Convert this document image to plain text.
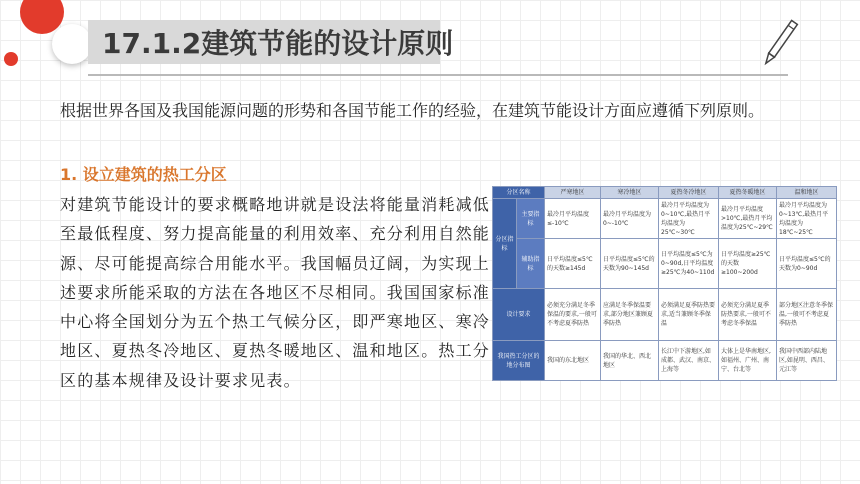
17.1.2建筑节能的设计原则
根据世界各国及我国能源问题的形势和各国节能工作的经验，在建筑节能设计方面应遵循下列原则。
1. 设立建筑的热工分区
对建筑节能设计的要求概略地讲就是设法将能量消耗减低至最低程度、努力提高能量的利用效率、充分利用自然能源、尽可能提高综合用能水平。我国幅员辽阔，为实现上述要求所能采取的方法在各地区不尽相同。我国国家标准中心将全国划分为五个热工气候分区，即严寒地区、寒冷地区、夏热冬冷地区、夏热冬暖地区、温和地区。热工分区的基本规律及设计要求见表。
分区名称		严寒地区	寒冷地区	夏热冬冷地区	夏热冬暖地区	温和地区
分区指标	主要指标	最冷月平均温度≤-10℃	最冷月平均温度为0~-10℃	最冷月平均温度为0~10℃,最热月平均温度为25℃~30℃	最冷月平均温度>10℃,最热月平均温度为25℃~29℃	最冷月平均温度为0~13℃,最热月平均温度为18℃~25℃
	辅助指标	日平均温度≤5℃的天数≥145d	日平均温度≤5℃的天数为90~145d	日平均温度≤5℃为0~90d,日平均温度≥25℃为40~110d	日平均温度≥25℃的天数≥100~200d	日平均温度≤5℃的天数为0~90d
设计要求		必须充分满足冬季保温的要求,一般可不考虑夏季防热	应满足冬季保温要求,部分地区兼顾夏季防热	必须满足夏季防热要求,适当兼顾冬季保温	必须充分满足夏季防热要求,一般可不考虑冬季保温	部分地区注意冬季保温,一般可不考虑夏季防热
我国热工分区的地分布图		我国的东北地区	我国的华北、西北地区	长江中下游地区,如成都、武汉、南京、上海等	大体上是华南地区,如福州、广州、南宁、台北等	我国中西部内陆地区,如昆明、西昌、元江等
